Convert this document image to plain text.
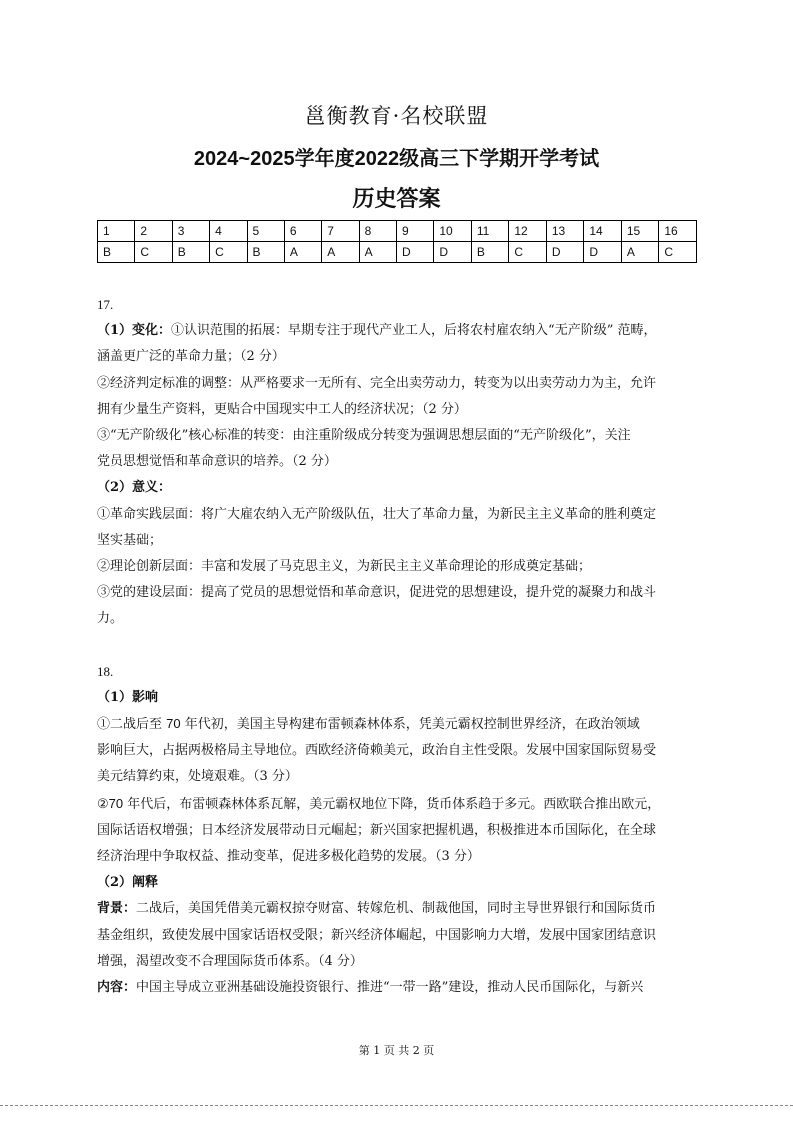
邕衡教育·名校联盟
2024~2025学年度2022级高三下学期开学考试
历史答案
1	2	3	4	5	6	7	8	9	10	11	12	13	14	15	16
B	C	B	C	B	A	A	A	D	D	B	C	D	D	A	C

17.

（1）变化：①认识范围的拓展：早期专注于现代产业工人，后将农村雇农纳入“无产阶级” 范畴，

涵盖更广泛的革命力量；（2 分）

②经济判定标准的调整：从严格要求一无所有、完全出卖劳动力，转变为以出卖劳动力为主，允许

拥有少量生产资料，更贴合中国现实中工人的经济状况；（2 分）

③“无产阶级化”核心标准的转变：由注重阶级成分转变为强调思想层面的“无产阶级化”，关注

党员思想觉悟和革命意识的培养。（2 分）

（2）意义：

①革命实践层面：将广大雇农纳入无产阶级队伍，壮大了革命力量，为新民主主义革命的胜利奠定

坚实基础；

②理论创新层面：丰富和发展了马克思主义，为新民主主义革命理论的形成奠定基础；

③党的建设层面：提高了党员的思想觉悟和革命意识，促进党的思想建设，提升党的凝聚力和战斗

力。

18.

（1）影响

①二战后至 70 年代初，美国主导构建布雷顿森林体系，凭美元霸权控制世界经济，在政治领域

影响巨大，占据两极格局主导地位。西欧经济倚赖美元，政治自主性受限。发展中国家国际贸易受

美元结算约束，处境艰难。（3 分）

②70 年代后，布雷顿森林体系瓦解，美元霸权地位下降，货币体系趋于多元。西欧联合推出欧元，

国际话语权增强；日本经济发展带动日元崛起；新兴国家把握机遇，积极推进本币国际化，在全球

经济治理中争取权益、推动变革，促进多极化趋势的发展。（3 分）

（2）阐释

背景：二战后，美国凭借美元霸权掠夺财富、转嫁危机、制裁他国，同时主导世界银行和国际货币

基金组织，致使发展中国家话语权受限；新兴经济体崛起，中国影响力大增，发展中国家团结意识

增强，渴望改变不合理国际货币体系。（4 分）

内容：中国主导成立亚洲基础设施投资银行、推进“一带一路”建设，推动人民币国际化，与新兴

第 1 页 共 2 页
